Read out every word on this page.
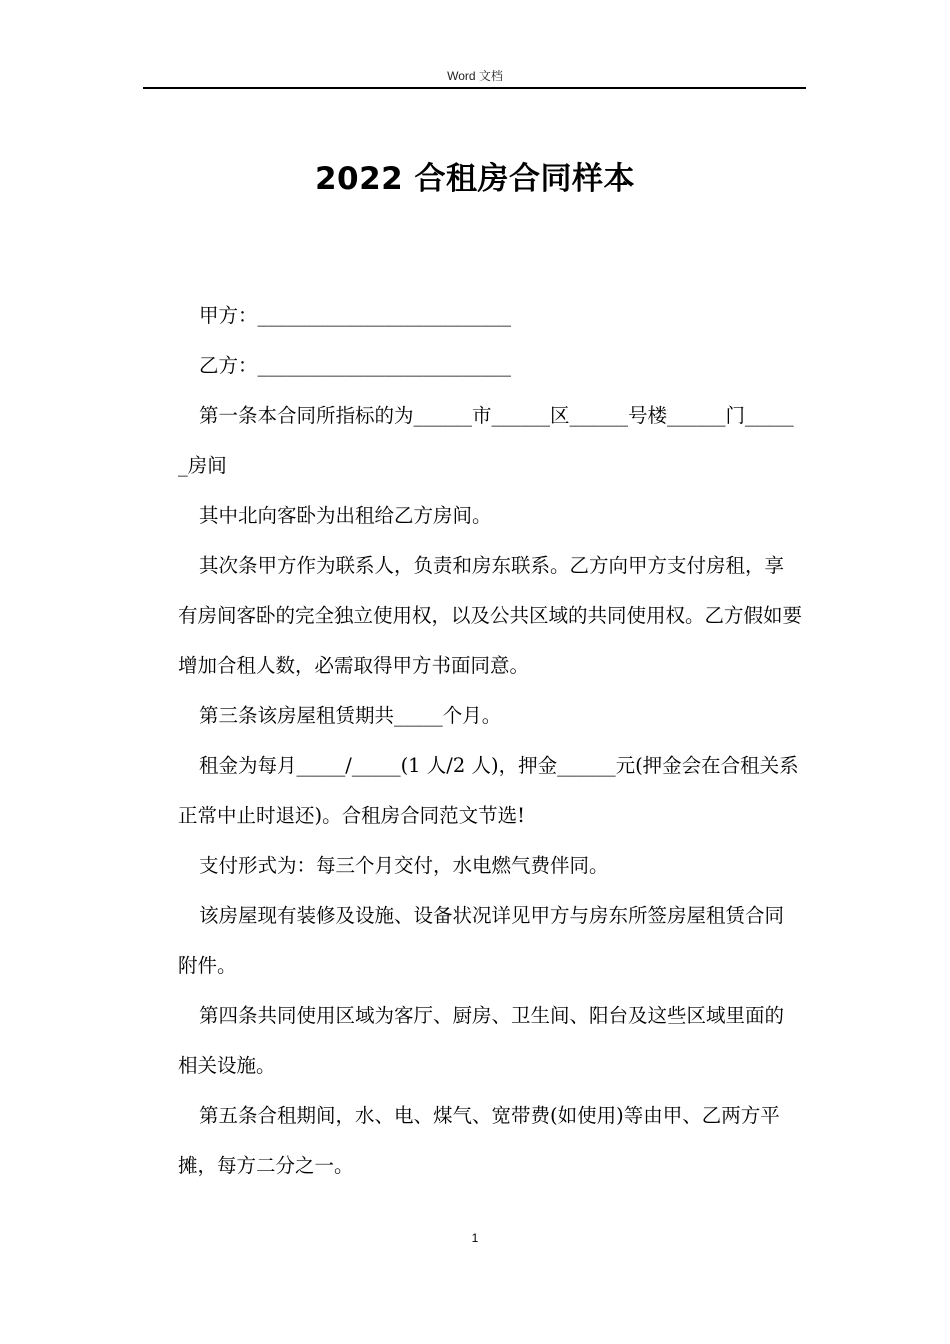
Word 文档
2022 合租房合同样本

甲方：__________________________

乙方：__________________________

第一条本合同所指标的为______市______区______号楼______门______房间

其中北向客卧为出租给乙方房间。

其次条甲方作为联系人，负责和房东联系。乙方向甲方支付房租，享有房间客卧的完全独立使用权，以及公共区域的共同使用权。乙方假如要增加合租人数，必需取得甲方书面同意。

第三条该房屋租赁期共_____个月。

租金为每月_____/_____(1 人/2 人)，押金______元(押金会在合租关系正常中止时退还)。合租房合同范文节选!

支付形式为：每三个月交付，水电燃气费伴同。

该房屋现有装修及设施、设备状况详见甲方与房东所签房屋租赁合同附件。

第四条共同使用区域为客厅、厨房、卫生间、阳台及这些区域里面的相关设施。

第五条合租期间，水、电、煤气、宽带费(如使用)等由甲、乙两方平摊，每方二分之一。

1
